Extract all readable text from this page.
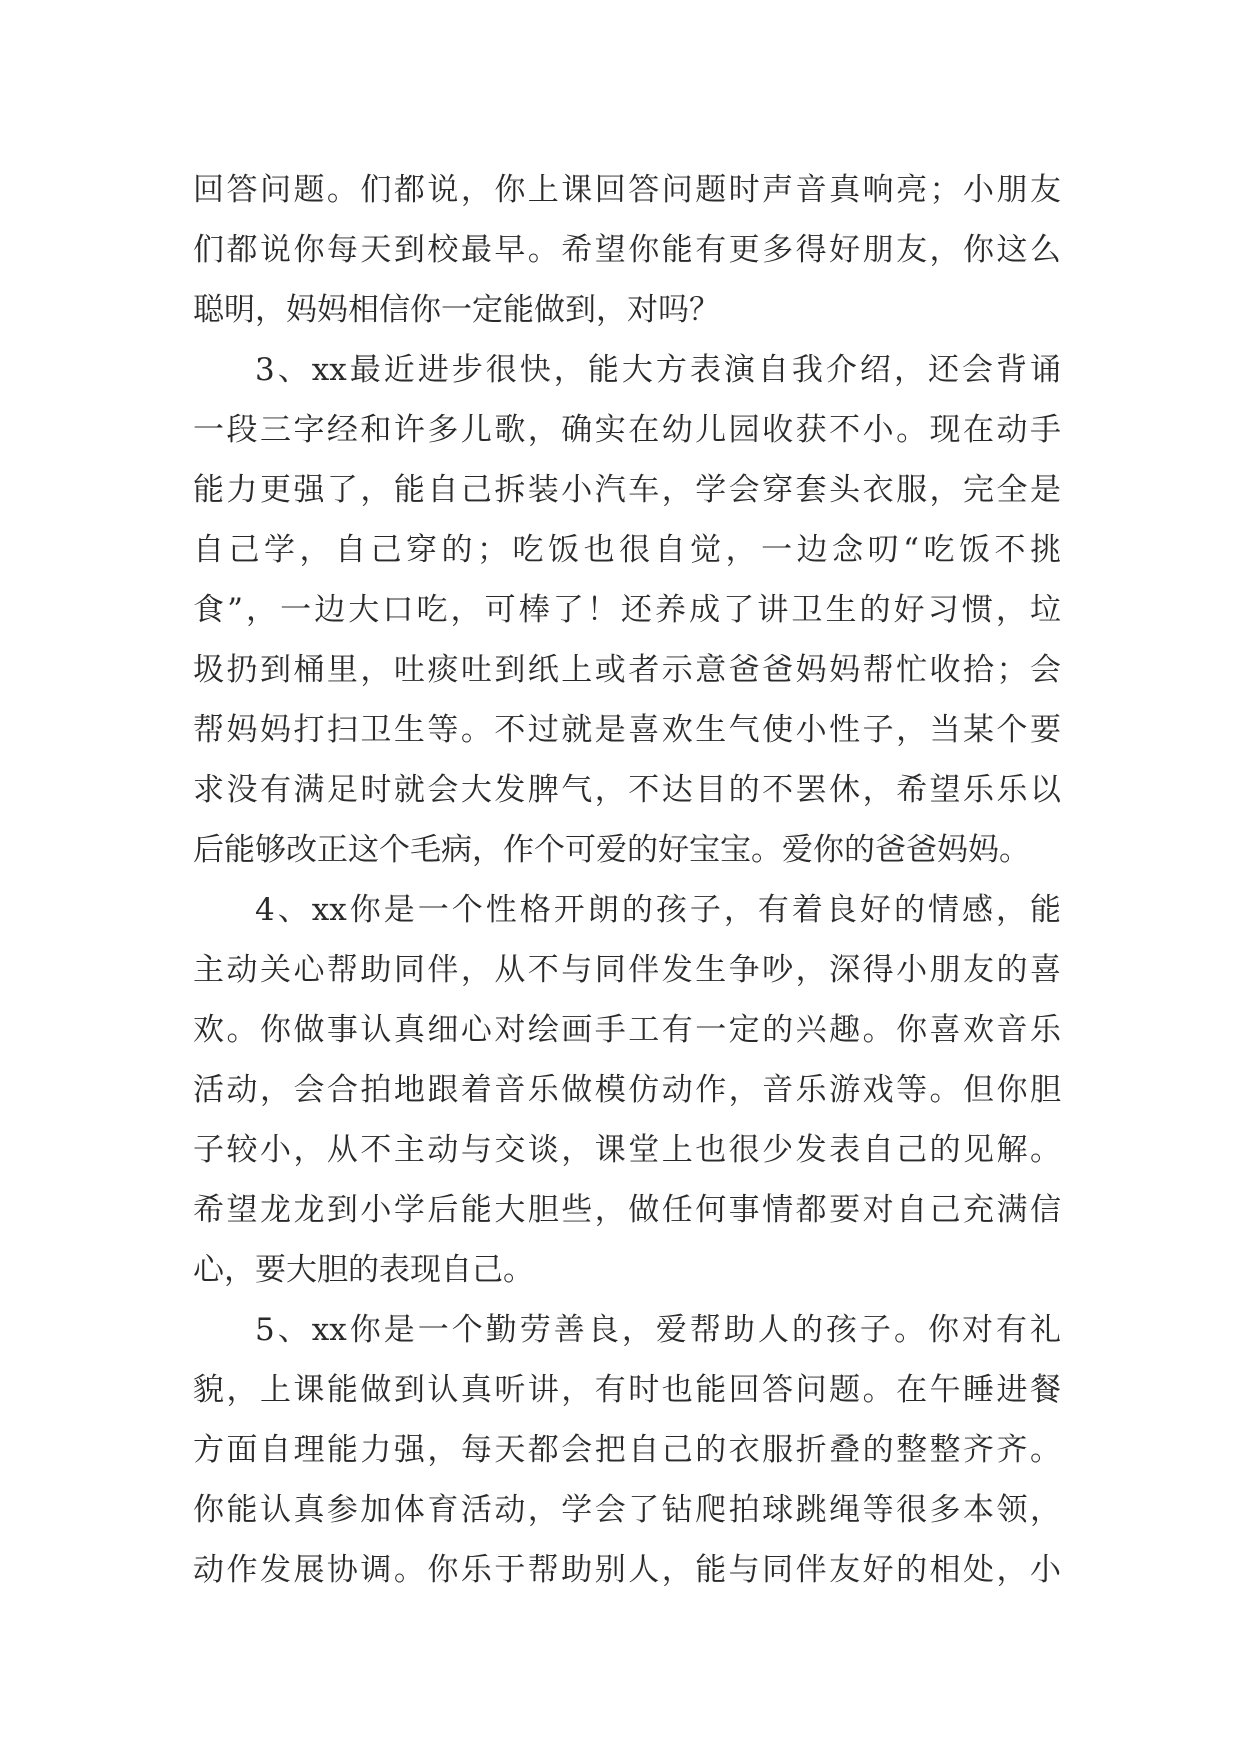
回答问题。们都说，你上课回答问题时声音真响亮；小朋友
们都说你每天到校最早。希望你能有更多得好朋友，你这么
聪明，妈妈相信你一定能做到，对吗？
3、xx最近进步很快，能大方表演自我介绍，还会背诵
一段三字经和许多儿歌，确实在幼儿园收获不小。现在动手
能力更强了，能自己拆装小汽车，学会穿套头衣服，完全是
自己学，自己穿的；吃饭也很自觉，一边念叨“吃饭不挑
食”，一边大口吃，可棒了！还养成了讲卫生的好习惯，垃
圾扔到桶里，吐痰吐到纸上或者示意爸爸妈妈帮忙收拾；会
帮妈妈打扫卫生等。不过就是喜欢生气使小性子，当某个要
求没有满足时就会大发脾气，不达目的不罢休，希望乐乐以
后能够改正这个毛病，作个可爱的好宝宝。爱你的爸爸妈妈。
4、xx你是一个性格开朗的孩子，有着良好的情感，能
主动关心帮助同伴，从不与同伴发生争吵，深得小朋友的喜
欢。你做事认真细心对绘画手工有一定的兴趣。你喜欢音乐
活动，会合拍地跟着音乐做模仿动作，音乐游戏等。但你胆
子较小，从不主动与交谈，课堂上也很少发表自己的见解。
希望龙龙到小学后能大胆些，做任何事情都要对自己充满信
心，要大胆的表现自己。
5、xx你是一个勤劳善良，爱帮助人的孩子。你对有礼
貌，上课能做到认真听讲，有时也能回答问题。在午睡进餐
方面自理能力强，每天都会把自己的衣服折叠的整整齐齐。
你能认真参加体育活动，学会了钻爬拍球跳绳等很多本领，
动作发展协调。你乐于帮助别人，能与同伴友好的相处，小
